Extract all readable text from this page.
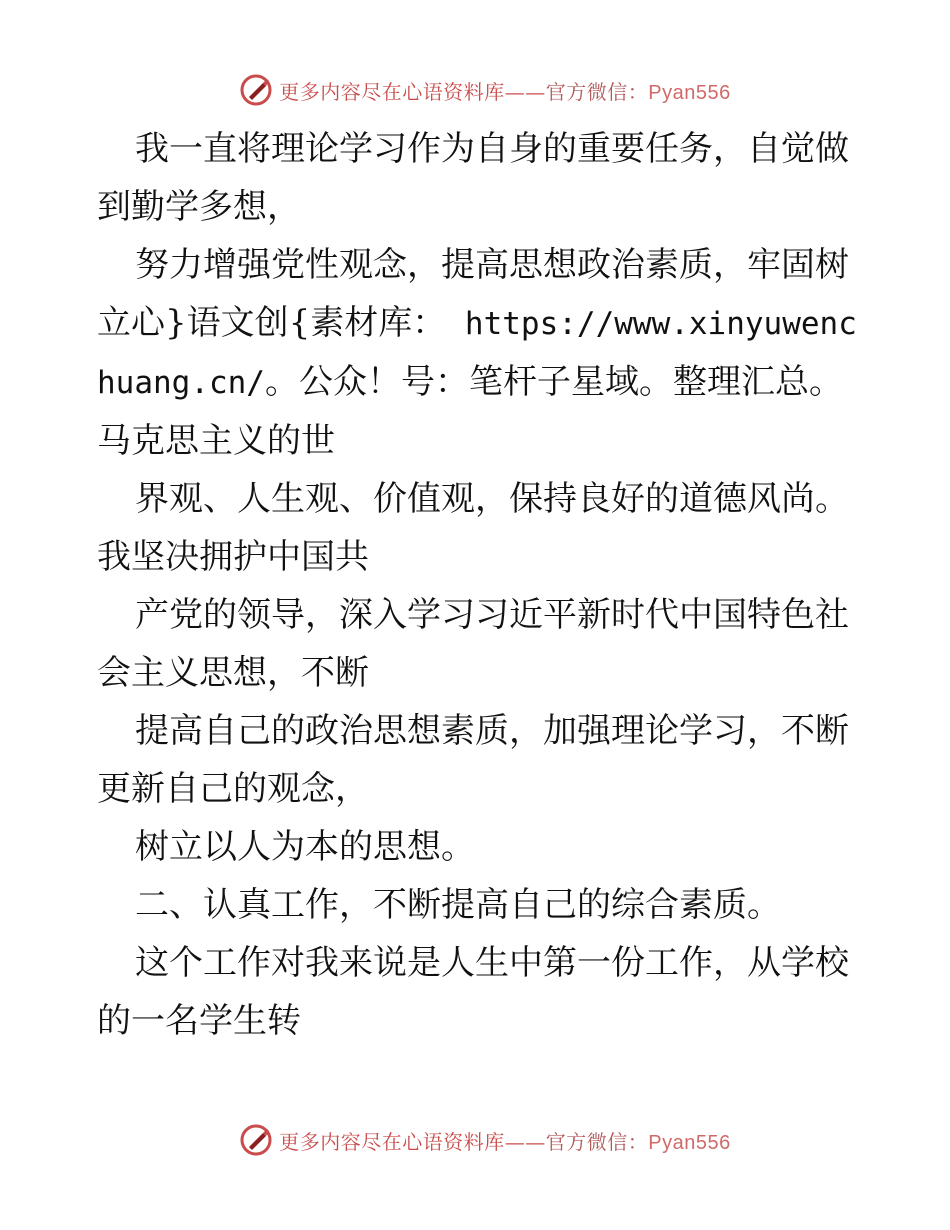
更多内容尽在心语资料库——官方微信：Pyan556

我一直将理论学习作为自身的重要任务，自觉做到勤学多想，

努力增强党性观念，提高思想政治素质，牢固树立心}语文创{素材库： https://www.xinyuwenchuang.cn/。公众！号：笔杆子星域。整理汇总。马克思主义的世

界观、人生观、价值观，保持良好的道德风尚。我坚决拥护中国共

产党的领导，深入学习习近平新时代中国特色社会主义思想，不断

提高自己的政治思想素质，加强理论学习，不断更新自己的观念，

树立以人为本的思想。

二、认真工作，不断提高自己的综合素质。

这个工作对我来说是人生中第一份工作，从学校的一名学生转

更多内容尽在心语资料库——官方微信：Pyan556
